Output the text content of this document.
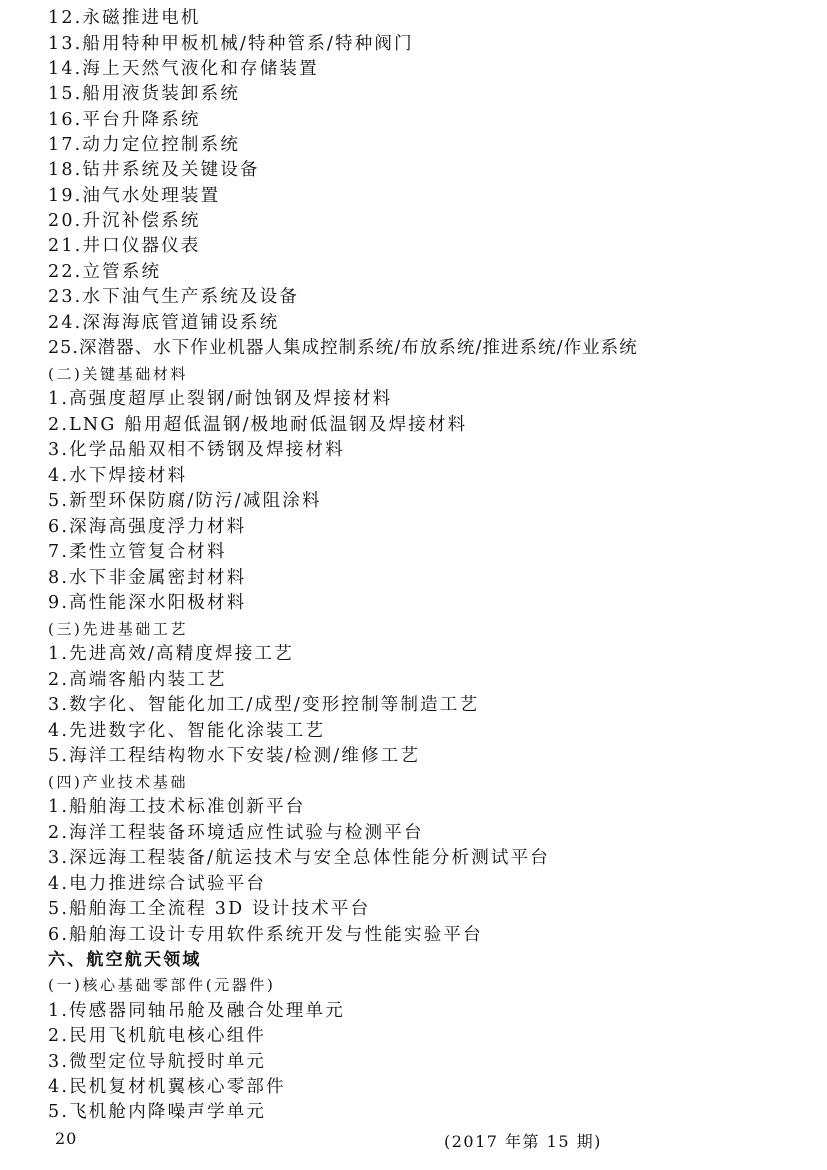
12.永磁推进电机
13.船用特种甲板机械/特种管系/特种阀门
14.海上天然气液化和存储装置
15.船用液货装卸系统
16.平台升降系统
17.动力定位控制系统
18.钻井系统及关键设备
19.油气水处理装置
20.升沉补偿系统
21.井口仪器仪表
22.立管系统
23.水下油气生产系统及设备
24.深海海底管道铺设系统
25.深潜器、水下作业机器人集成控制系统/布放系统/推进系统/作业系统
(二)关键基础材料
1.高强度超厚止裂钢/耐蚀钢及焊接材料
2.LNG 船用超低温钢/极地耐低温钢及焊接材料
3.化学品船双相不锈钢及焊接材料
4.水下焊接材料
5.新型环保防腐/防污/减阻涂料
6.深海高强度浮力材料
7.柔性立管复合材料
8.水下非金属密封材料
9.高性能深水阳极材料
(三)先进基础工艺
1.先进高效/高精度焊接工艺
2.高端客船内装工艺
3.数字化、智能化加工/成型/变形控制等制造工艺
4.先进数字化、智能化涂装工艺
5.海洋工程结构物水下安装/检测/维修工艺
(四)产业技术基础
1.船舶海工技术标准创新平台
2.海洋工程装备环境适应性试验与检测平台
3.深远海工程装备/航运技术与安全总体性能分析测试平台
4.电力推进综合试验平台
5.船舶海工全流程 3D 设计技术平台
6.船舶海工设计专用软件系统开发与性能实验平台
六、航空航天领域
(一)核心基础零部件(元器件)
1.传感器同轴吊舱及融合处理单元
2.民用飞机航电核心组件
3.微型定位导航授时单元
4.民机复材机翼核心零部件
5.飞机舱内降噪声学单元
20	(2017 年第 15 期)
